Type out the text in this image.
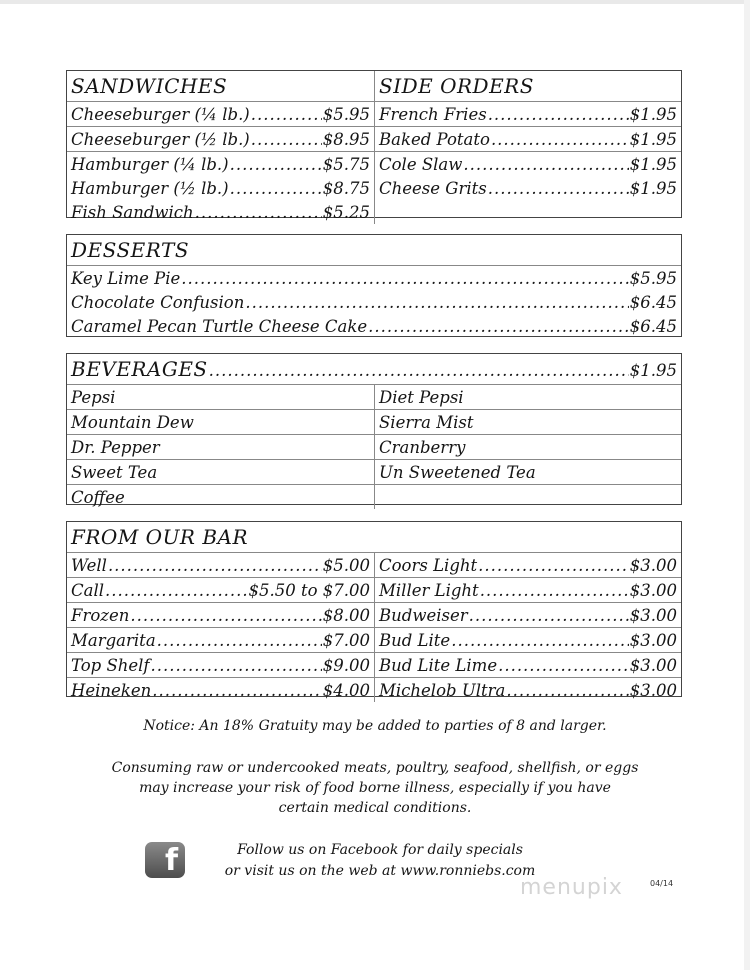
SANDWICHES	SIDE ORDERS
Cheeseburger (¼ lb.) .....	$5.95 French Fries .....	$1.95
Cheeseburger (½ lb.) .....	$8.95 Baked Potato .....	$1.95
Hamburger (¼ lb.) .....	$5.75 Cole Slaw .....	$1.95
Hamburger (½ lb.) .....	$8.75 Cheese Grits .....	$1.95
Fish Sandwich .....	$5.25
DESSERTS
Key Lime Pie .....	$5.95
Chocolate Confusion .....	$6.45
Caramel Pecan Turtle Cheese Cake .....	$6.45
BEVERAGES .....	$1.95
Pepsi	Diet Pepsi
Mountain Dew	Sierra Mist
Dr. Pepper	Cranberry
Sweet Tea	Un Sweetened Tea
Coffee
FROM OUR BAR
Well .....	$5.00 Coors Light .....	$3.00
Call .....	$5.50 to $7.00 Miller Light .....	$3.00
Frozen .....	$8.00 Budweiser .....	$3.00
Margarita .....	$7.00 Bud Lite .....	$3.00
Top Shelf .....	$9.00 Bud Lite Lime .....	$3.00
Heineken .....	$4.00 Michelob Ultra .....	$3.00
Notice: An 18% Gratuity may be added to parties of 8 and larger.
Consuming raw or undercooked meats, poultry, seafood, shellfish, or eggs
may increase your risk of food borne illness, especially if you have
certain medical conditions.
f	Follow us on Facebook for daily specials
or visit us on the web at www.ronniebs.com
menupix	04/14
